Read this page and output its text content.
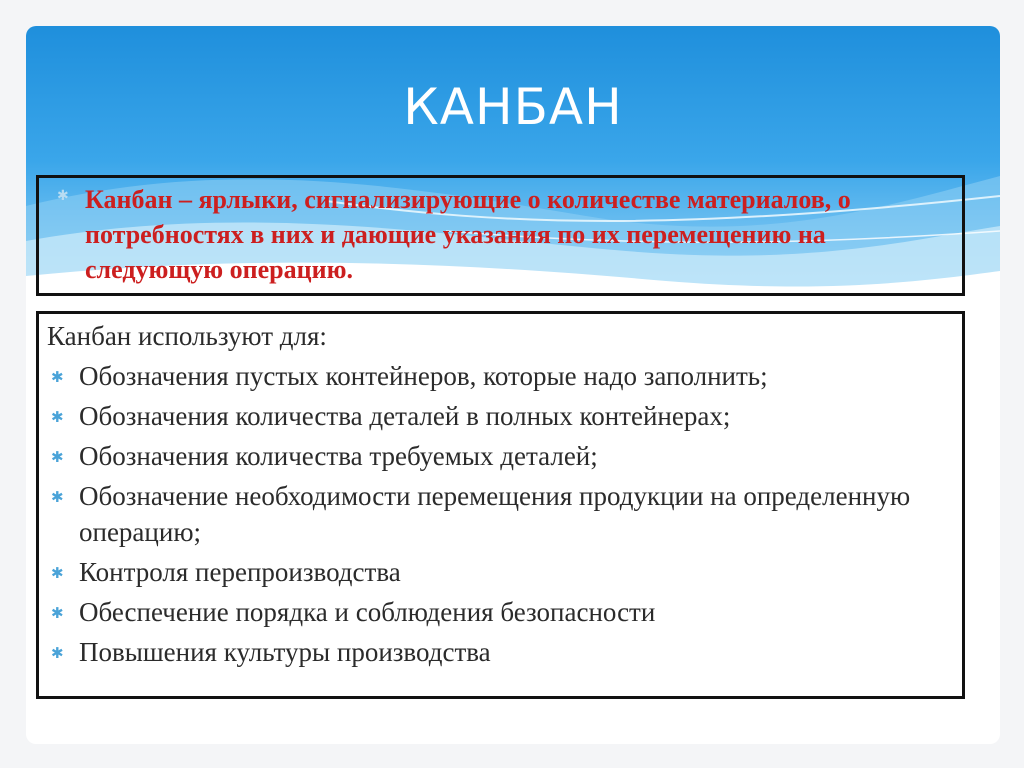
КАНБАН
✱ Канбан – ярлыки, сигнализирующие о количестве материалов, о потребностях в них и дающие указания по их перемещению на следующую операцию.
Канбан используют для:
✱ Обозначения пустых контейнеров, которые надо заполнить;
✱ Обозначения количества деталей в полных контейнерах;
✱ Обозначения количества требуемых деталей;
✱ Обозначение необходимости перемещения продукции на определенную операцию;
✱ Контроля перепроизводства
✱ Обеспечение порядка и соблюдения безопасности
✱ Повышения культуры производства
